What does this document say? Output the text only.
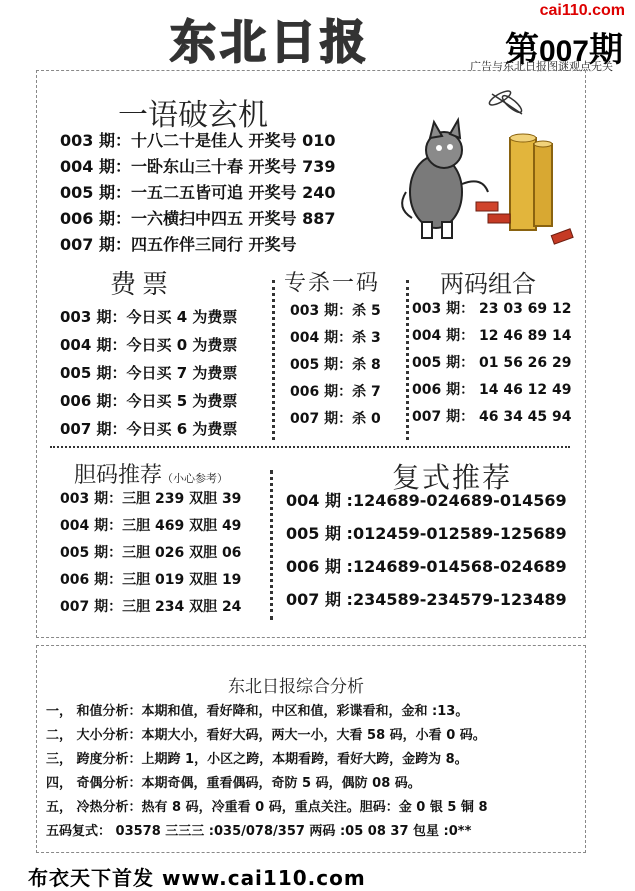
东北日报
cai110.com
第007期
广告与东北日报图谜观点无关
一语破玄机
003 期：十八二十是佳人 开奖号 010
004 期：一卧东山三十春 开奖号 739
005 期：一五二五皆可追 开奖号 240
006 期：一六横扫中四五 开奖号 887
007 期：四五作伴三同行 开奖号
费票
003 期：今日买 4 为费票
004 期：今日买 0 为费票
005 期：今日买 7 为费票
006 期：今日买 5 为费票
007 期：今日买 6 为费票
专杀一码
003 期：杀 5
004 期：杀 3
005 期：杀 8
006 期：杀 7
007 期：杀 0
两码组合
003 期： 23 03 69 12
004 期： 12 46 89 14
005 期： 01 56 26 29
006 期： 14 46 12 49
007 期： 46 34 45 94
胆码推荐（小心参考）
003 期：三胆 239 双胆 39
004 期：三胆 469 双胆 49
005 期：三胆 026 双胆 06
006 期：三胆 019 双胆 19
007 期：三胆 234 双胆 24
复式推荐
004 期 :124689-024689-014569
005 期 :012459-012589-125689
006 期 :124689-014568-024689
007 期 :234589-234579-123489
东北日报综合分析
一， 和值分析：本期和值，看好降和，中区和值，彩谍看和，金和 :13。
二， 大小分析：本期大小，看好大码，两大一小，大看 58 码，小看 0 码。
三， 跨度分析：上期跨 1，小区之跨，本期看跨，看好大跨，金跨为 8。
四， 奇偶分析：本期奇偶，重看偶码，奇防 5 码，偶防 08 码。
五， 冷热分析：热有 8 码，冷重看 0 码，重点关注。胆码：金 0 银 5 铜 8
五码复式： 03578 三三三 :035/078/357 两码 :05 08 37 包星 :0**
布衣天下首发 www.cai110.com
